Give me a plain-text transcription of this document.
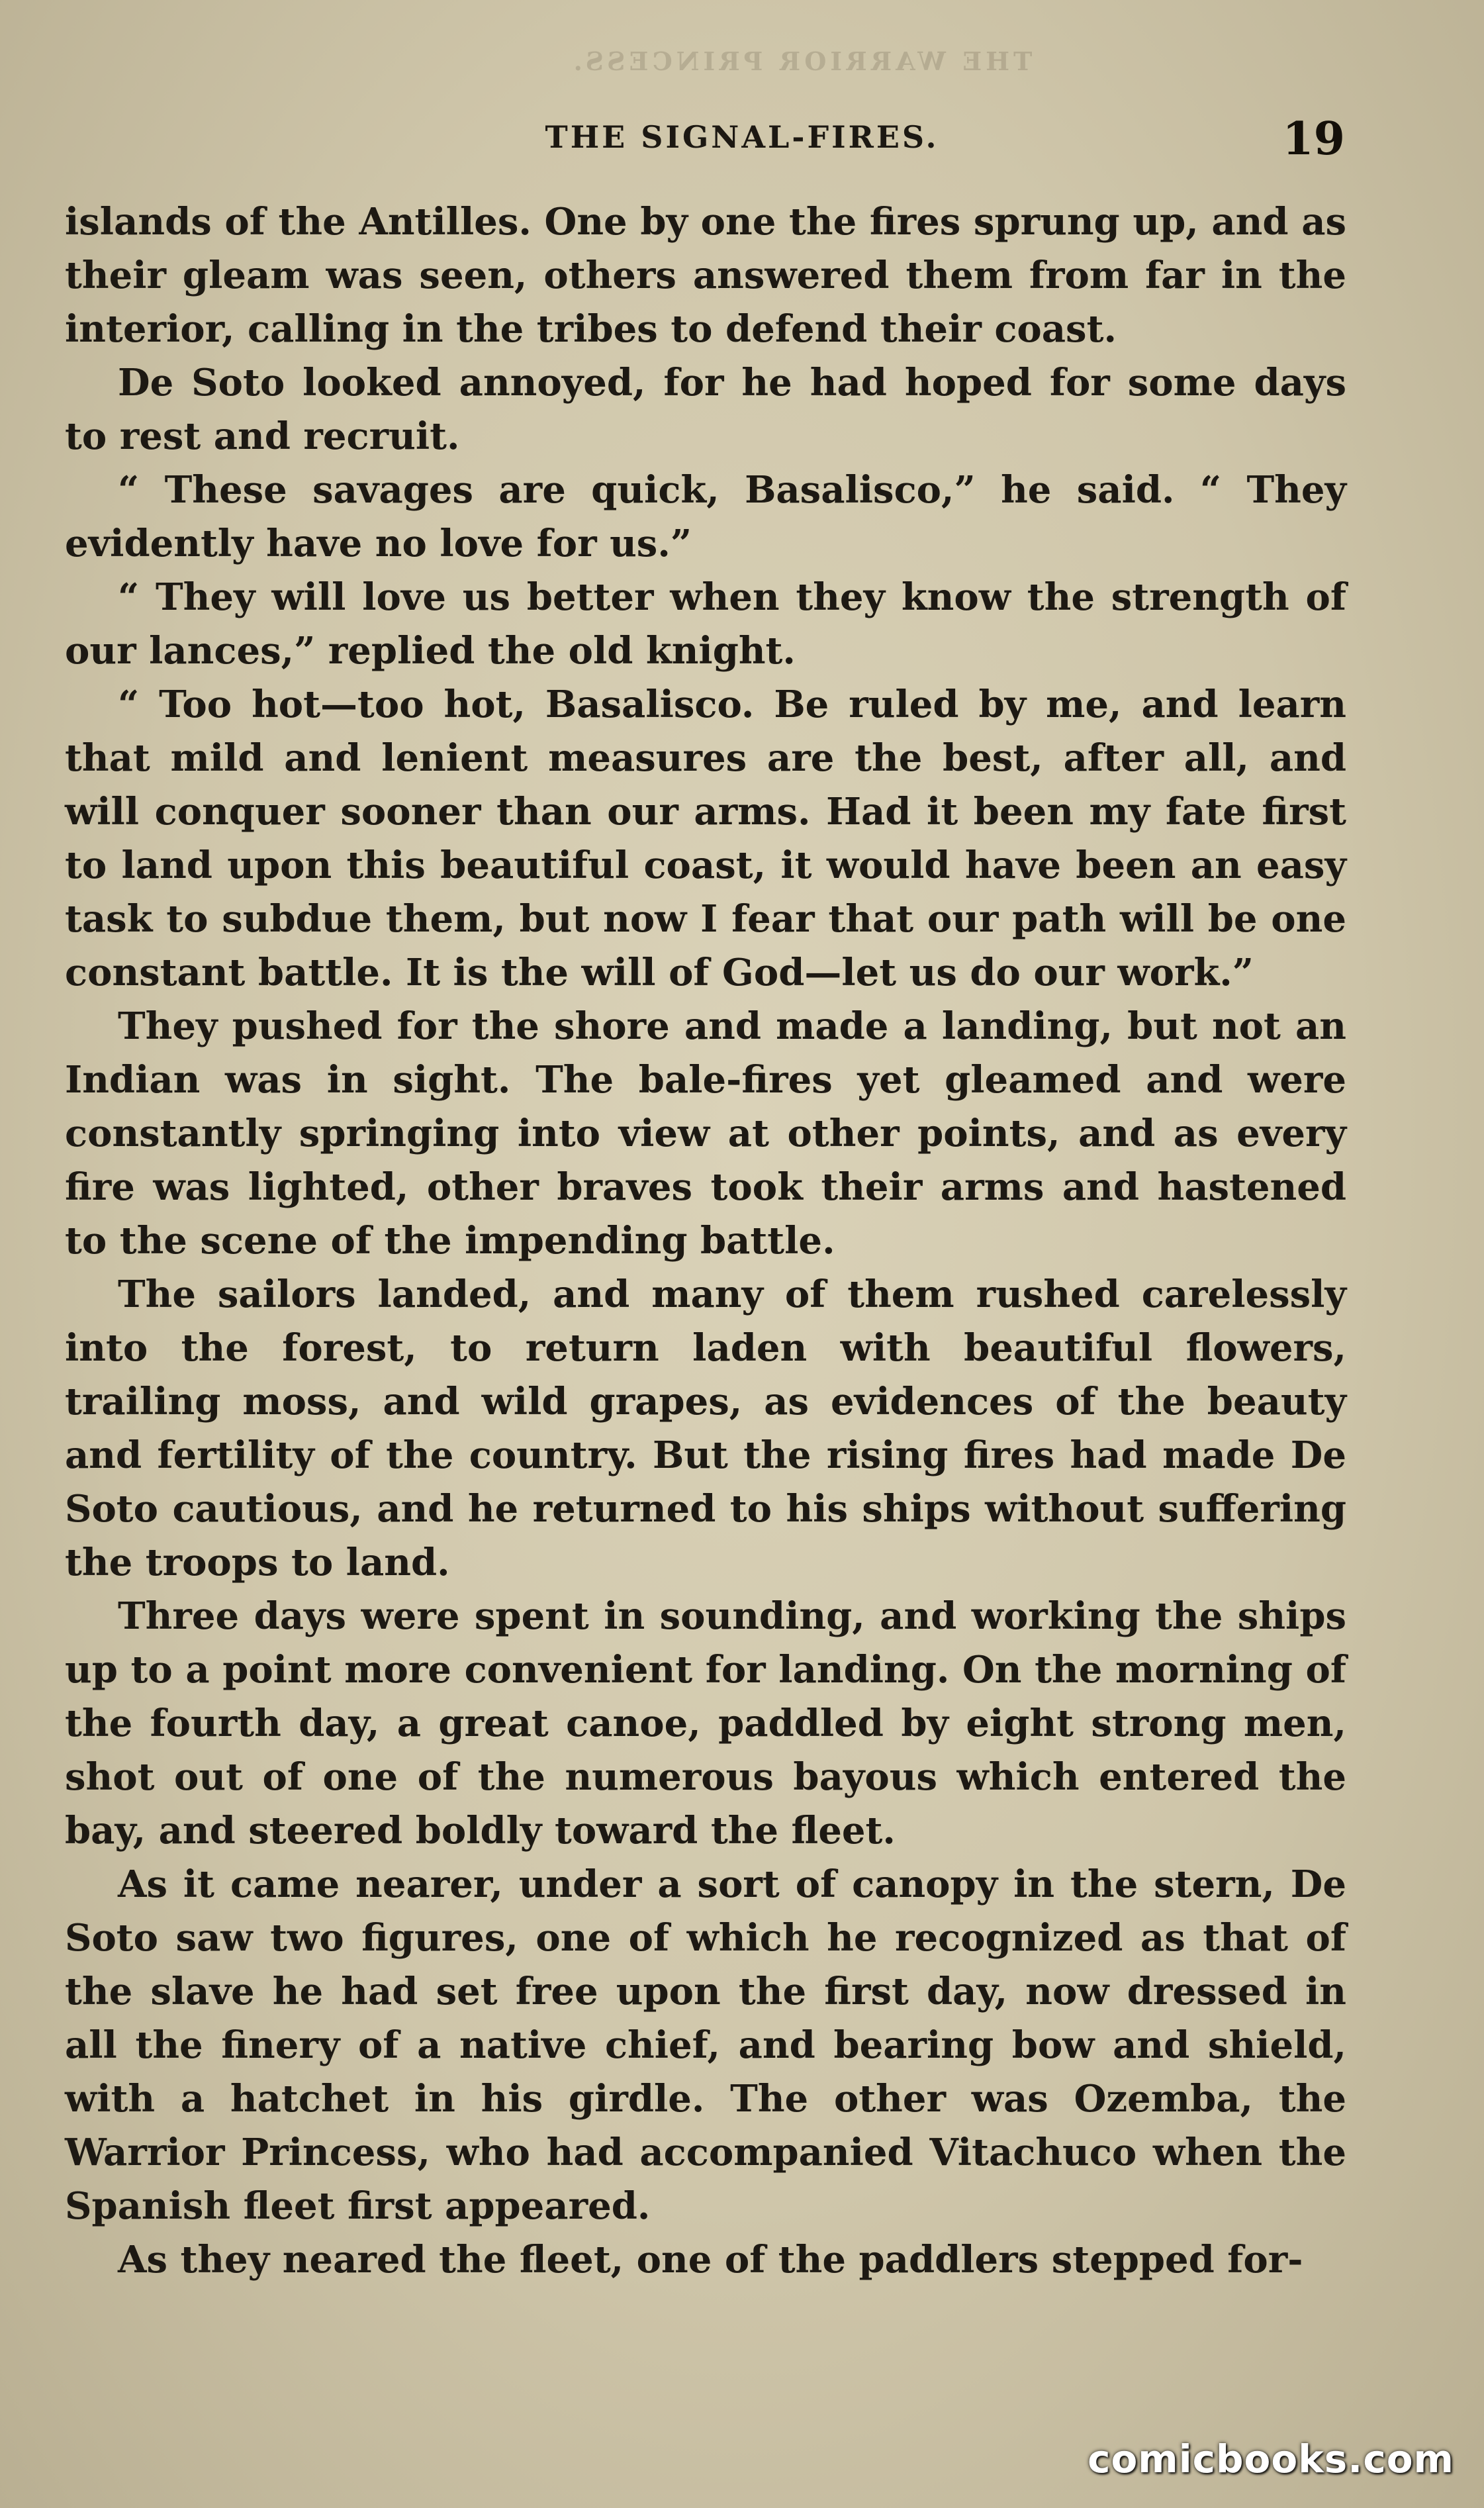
THE WARRIOR PRINCESS.
THE SIGNAL-FIRES.	19

islands of the Antilles. One by one the fires sprung up, and as their gleam was seen, others answered them from far in the interior, calling in the tribes to defend their coast.

De Soto looked annoyed, for he had hoped for some days to rest and recruit.

“ These savages are quick, Basalisco,” he said. “ They evidently have no love for us.”

“ They will love us better when they know the strength of our lances,” replied the old knight.

“ Too hot—too hot, Basalisco. Be ruled by me, and learn that mild and lenient measures are the best, after all, and will conquer sooner than our arms. Had it been my fate first to land upon this beautiful coast, it would have been an easy task to subdue them, but now I fear that our path will be one constant battle. It is the will of God—let us do our work.”

They pushed for the shore and made a landing, but not an Indian was in sight. The bale-fires yet gleamed and were constantly springing into view at other points, and as every fire was lighted, other braves took their arms and hastened to the scene of the impending battle.

The sailors landed, and many of them rushed carelessly into the forest, to return laden with beautiful flowers, trailing moss, and wild grapes, as evidences of the beauty and fertility of the country. But the rising fires had made De Soto cautious, and he returned to his ships without suffering the troops to land.

Three days were spent in sounding, and working the ships up to a point more convenient for landing. On the morning of the fourth day, a great canoe, paddled by eight strong men, shot out of one of the numerous bayous which entered the bay, and steered boldly toward the fleet.

As it came nearer, under a sort of canopy in the stern, De Soto saw two figures, one of which he recognized as that of the slave he had set free upon the first day, now dressed in all the finery of a native chief, and bearing bow and shield, with a hatchet in his girdle. The other was Ozemba, the Warrior Princess, who had accompanied Vitachuco when the Spanish fleet first appeared.

As they neared the fleet, one of the paddlers stepped for-

comicbooks.com
